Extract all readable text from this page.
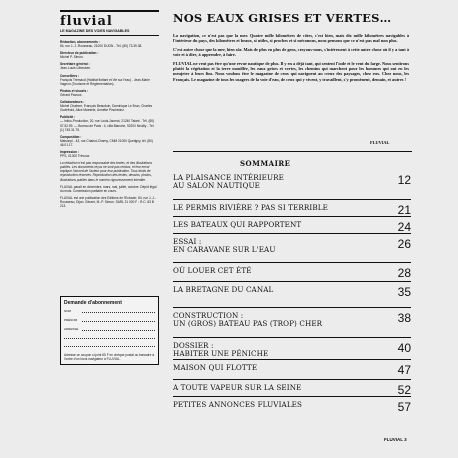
fluvial
LE MAGAZINE DES VOIES NAVIGABLES
Rédaction, abonnements :
84, rue J.-J.-Rousseau, 21000 DIJON - Tél. (80) 73.39.38.
Directeur de publication :
Michel P. Simon.
Secrétaire général :
Jean-Louis Lilbeuken.
Conseillers :
François Trémaud (Habitat flottant et Vie sur l'eau) - Jean-Marie Vagnon (Tourisme et Réglementation).
Photos et visuels :
Gérard Pavoux.
Collaborateurs :
Michel Chalmer, François Beaudoin, Dominique Le Brun, Charles Godefroid, Alice Maesele, Annette Pinchedez.
Publicité :
— Intico-Production, 20, rue Louis-Jacmot, 21240 Talant - Tél. (80) 57.52.99. — Bureau de Paris : 4, villa Blanche, 92200 Neuilly - Tél. (1) 745.31.75.
Composition :
Maisonpi - 43, rue Chabot-Charny, CMM 21000 Quetigny, tél. (80) 46.01.17.
Impression :
PPS, 01000 Trévoux.
La rédaction n'est pas responsable des textes, et des illustrations publiés. Les documents reçus ne sont pas rendus, et leur envoi implique l'accord de l'auteur pour leur publication. Tous droits de reproduction réservés. Reproduction des textes, dessins, photos, illustrations publiés dans le numéro rigoureusement interdite.
FLUVIAL paraît en décembre, mars, mai, juillet, octobre. Dépôt légal du mois. Commission paritaire en cours.
FLUVIAL est une publication des Editions de l'Eclusier, 84, rue J.-J.-Rousseau, Dijon. Gérant, M.-P. Simon. SARL 21 000 F - R.C. 83 B 213.
Demande d'abonnement
NOM
PRÉNOM
ADRESSE
Adresse ce coupon ci-joint 65 F en chèque postal ou bancaire à l'ordre d'un bons navigateur à FLUVIAL.
NOS EAUX GRISES ET VERTES…

La navigation, ce n'est pas que la mer. Quatre mille kilomètres de côtes, c'est bien, mais dix mille kilomètres navigables à l'intérieur du pays, des kilomètres et beaux, si utiles, si proches et si méconnus, nous pensons que ce n'est pas mal non plus.

C'est autre chose que la mer, bien sûr. Mais de plus en plus de gens, croyons-nous, s'intéressent à cette autre chose où il y a tant à voir et à dire, à apprendre, à faire.

FLUVIAL ne veut pas être qu'une revue nautique de plus. Il y en a déjà tant, qui sentent l'iode et le vent du large. Nous sentirons plutôt la végétation et la terre mouillée, les eaux grises et vertes, les chemins qui marchent pour les hommes qui ont eu les meujeter à leurs fins. Nous voulons être le magazine de ceux qui naviguent au creux des paysages, chez eux. Chez nous, les Français. Le magazine de tous les usagers de la voie d'eau, de ceux qui y vivent, y travaillent, s'y promènent, demain, et autres !

FLUVIAL
SOMMAIRE
LA PLAISANCE INTÉRIEURE
AU SALON NAUTIQUE	12
LE PERMIS RIVIÈRE ? PAS SI TERRIBLE	21
LES BATEAUX QUI RAPPORTENT	24
ESSAI :
EN CARAVANE SUR L'EAU	26
OÙ LOUER CET ÉTÉ	28
LA BRETAGNE DU CANAL	35
CONSTRUCTION :
UN (GROS) BATEAU PAS (TROP) CHER	38
DOSSIER :
HABITER UNE PÉNICHE	40
MAISON QUI FLOTTE	47
A TOUTE VAPEUR SUR LA SEINE	52
PETITES ANNONCES FLUVIALES	57
FLUVIAL 3
